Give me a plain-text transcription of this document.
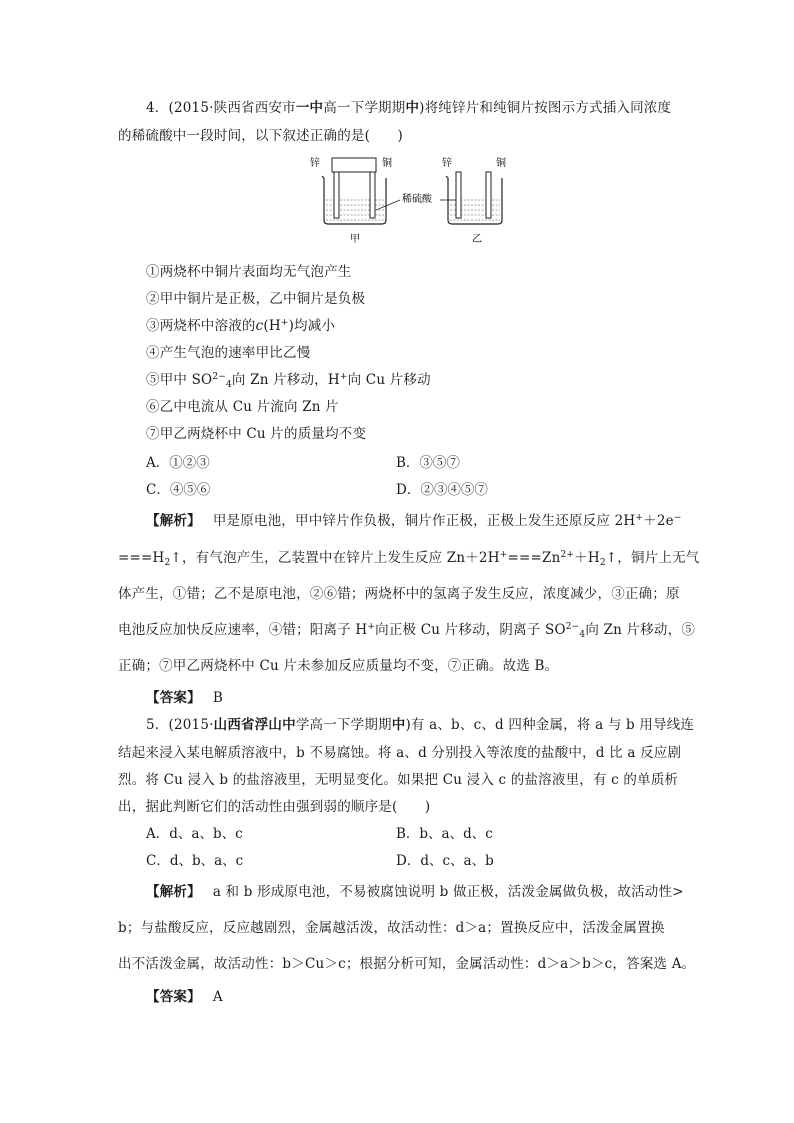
4．(2015·陕西省西安市一中高一下学期期中)将纯锌片和纯铜片按图示方式插入同浓度
的稀硫酸中一段时间，以下叙述正确的是(　　)
锌	铜
甲
稀硫酸
锌	铜
乙
①两烧杯中铜片表面均无气泡产生
②甲中铜片是正极，乙中铜片是负极
③两烧杯中溶液的c(H+)均减小
④产生气泡的速率甲比乙慢
⑤甲中 $SO^{2-}_4$向 Zn 片移动，H+向 Cu 片移动
⑥乙中电流从 Cu 片流向 Zn 片
⑦甲乙两烧杯中 Cu 片的质量均不变
A．①②③	B．③⑤⑦
C．④⑤⑥	D．②③④⑤⑦
【解析】 甲是原电池，甲中锌片作负极，铜片作正极，正极上发生还原反应 2H+＋2e−
$===H_2↑$，有气泡产生，乙装置中在锌片上发生反应 $Zn+2H^+===Zn^{2+}+H_2↑$，铜片上无气
体产生，①错；乙不是原电池，②⑥错；两烧杯中的氢离子发生反应，浓度减少，③正确；原
电池反应加快反应速率，④错；阳离子 H+向正极 Cu 片移动，阴离子 $SO^{2-}_4$向 Zn 片移动，⑤
正确；⑦甲乙两烧杯中 Cu 片未参加反应质量均不变，⑦正确。故选 B。
【答案】 B
5．(2015·山西省浮山中学高一下学期期中)有 a、b、c、d 四种金属，将 a 与 b 用导线连
结起来浸入某电解质溶液中，b 不易腐蚀。将 a、d 分别投入等浓度的盐酸中，d 比 a 反应剧
烈。将 Cu 浸入 b 的盐溶液里，无明显变化。如果把 Cu 浸入 c 的盐溶液里，有 c 的单质析
出，据此判断它们的活动性由强到弱的顺序是(　　)
A．d、a、b、c	B．b、a、d、c
C．d、b、a、c	D．d、c、a、b
【解析】 a 和 b 形成原电池，不易被腐蚀说明 b 做正极，活泼金属做负极，故活动性>
b；与盐酸反应，反应越剧烈，金属越活泼，故活动性：d＞a；置换反应中，活泼金属置换
出不活泼金属，故活动性：b＞Cu＞c；根据分析可知，金属活动性：d＞a＞b＞c，答案选 A。
【答案】 A
